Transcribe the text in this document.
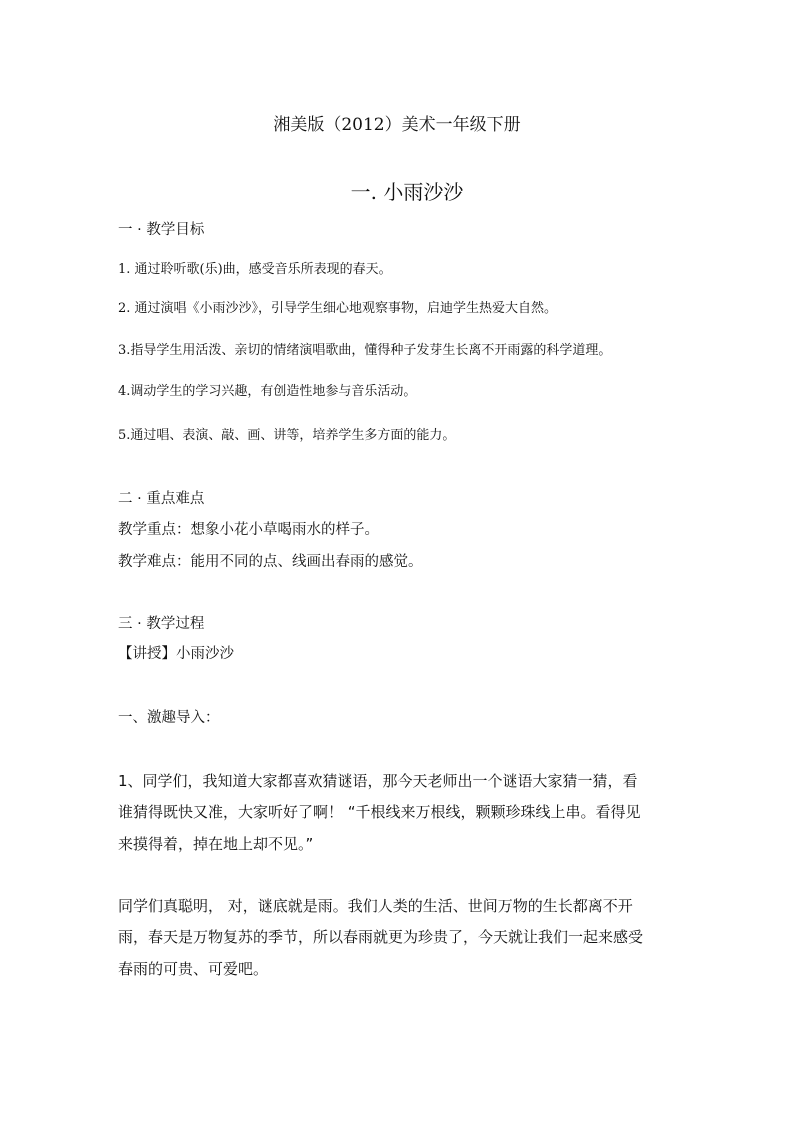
湘美版（2012）美术一年级下册
一. 小雨沙沙
一 · 教学目标
1. 通过聆听歌(乐)曲，感受音乐所表现的春天。
2. 通过演唱《小雨沙沙》，引导学生细心地观察事物，启迪学生热爱大自然。
3.指导学生用活泼、亲切的情绪演唱歌曲，懂得种子发芽生长离不开雨露的科学道理。
4.调动学生的学习兴趣，有创造性地参与音乐活动。
5.通过唱、表演、敲、画、讲等，培养学生多方面的能力。
二 · 重点难点
教学重点：想象小花小草喝雨水的样子。
教学难点：能用不同的点、线画出春雨的感觉。
三 · 教学过程
【讲授】小雨沙沙
一、激趣导入：
1、同学们，我知道大家都喜欢猜谜语，那今天老师出一个谜语大家猜一猜，看
谁猜得既快又准，大家听好了啊！ “千根线来万根线，颗颗珍珠线上串。看得见
来摸得着，掉在地上却不见。”
同学们真聪明， 对，谜底就是雨。我们人类的生活、世间万物的生长都离不开
雨，春天是万物复苏的季节，所以春雨就更为珍贵了，今天就让我们一起来感受
春雨的可贵、可爱吧。
